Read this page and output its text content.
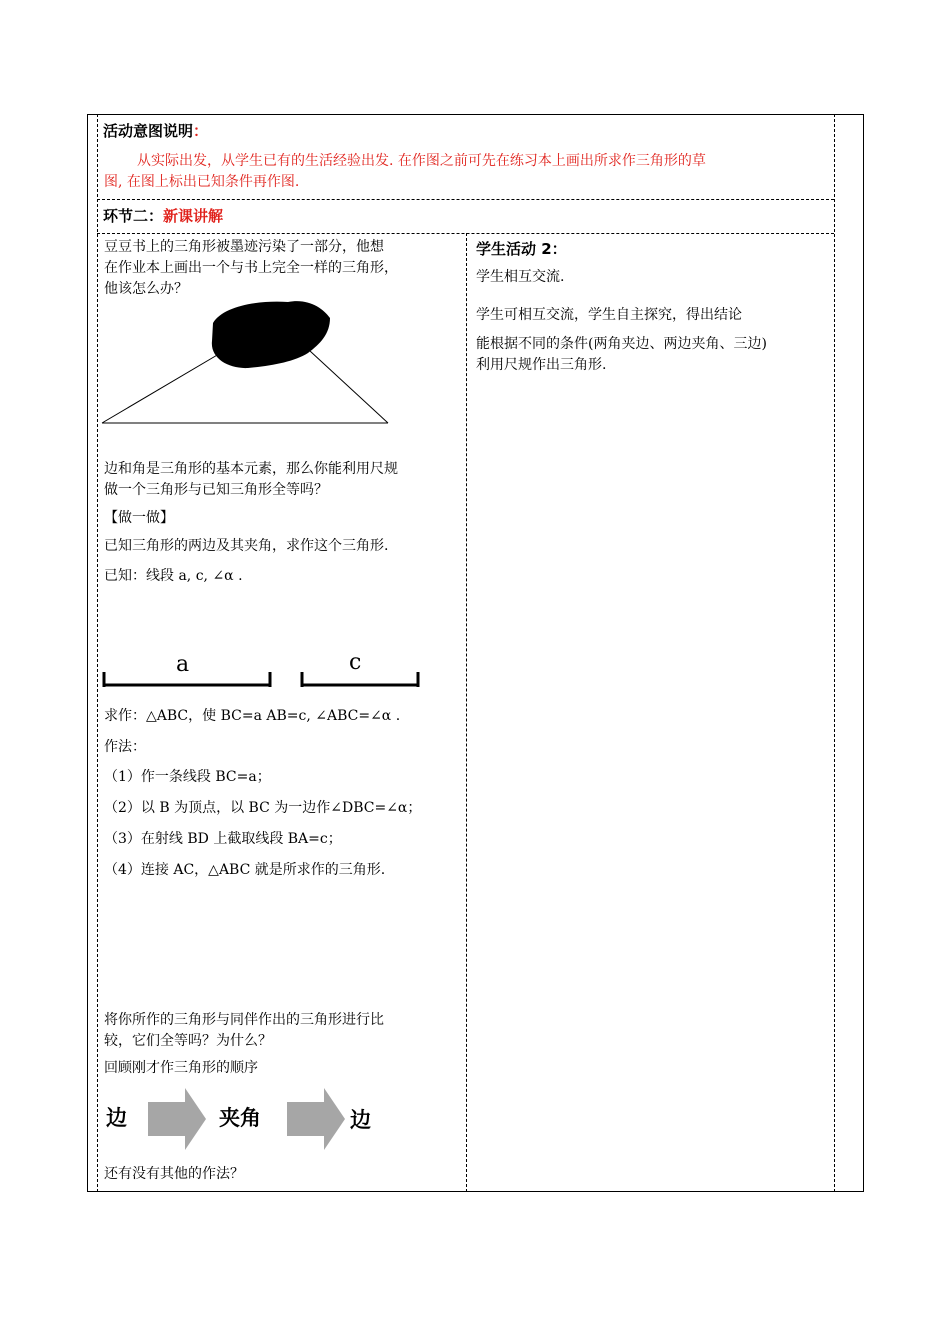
活动意图说明：
从实际出发，从学生已有的生活经验出发. 在作图之前可先在练习本上画出所求作三角形的草
图, 在图上标出已知条件再作图.
环节二：新课讲解
豆豆书上的三角形被墨迹污染了一部分，他想
在作业本上画出一个与书上完全一样的三角形，
他该怎么办？
边和角是三角形的基本元素，那么你能利用尺规
做一个三角形与已知三角形全等吗？
【做一做】
已知三角形的两边及其夹角，求作这个三角形.
已知：线段 a, c, ∠α .
a	c
求作：△ABC，使 BC=a AB=c, ∠ABC=∠α .
作法：
（1）作一条线段 BC=a；
（2）以 B 为顶点，以 BC 为一边作∠DBC=∠α；
（3）在射线 BD 上截取线段 BA=c；
（4）连接 AC，△ABC 就是所求作的三角形.
将你所作的三角形与同伴作出的三角形进行比
较，它们全等吗？为什么？
回顾刚才作三角形的顺序
边	夹角	边
还有没有其他的作法？
学生活动 2：
学生相互交流.
学生可相互交流，学生自主探究，得出结论
能根据不同的条件(两角夹边、两边夹角、三边)
利用尺规作出三角形.
